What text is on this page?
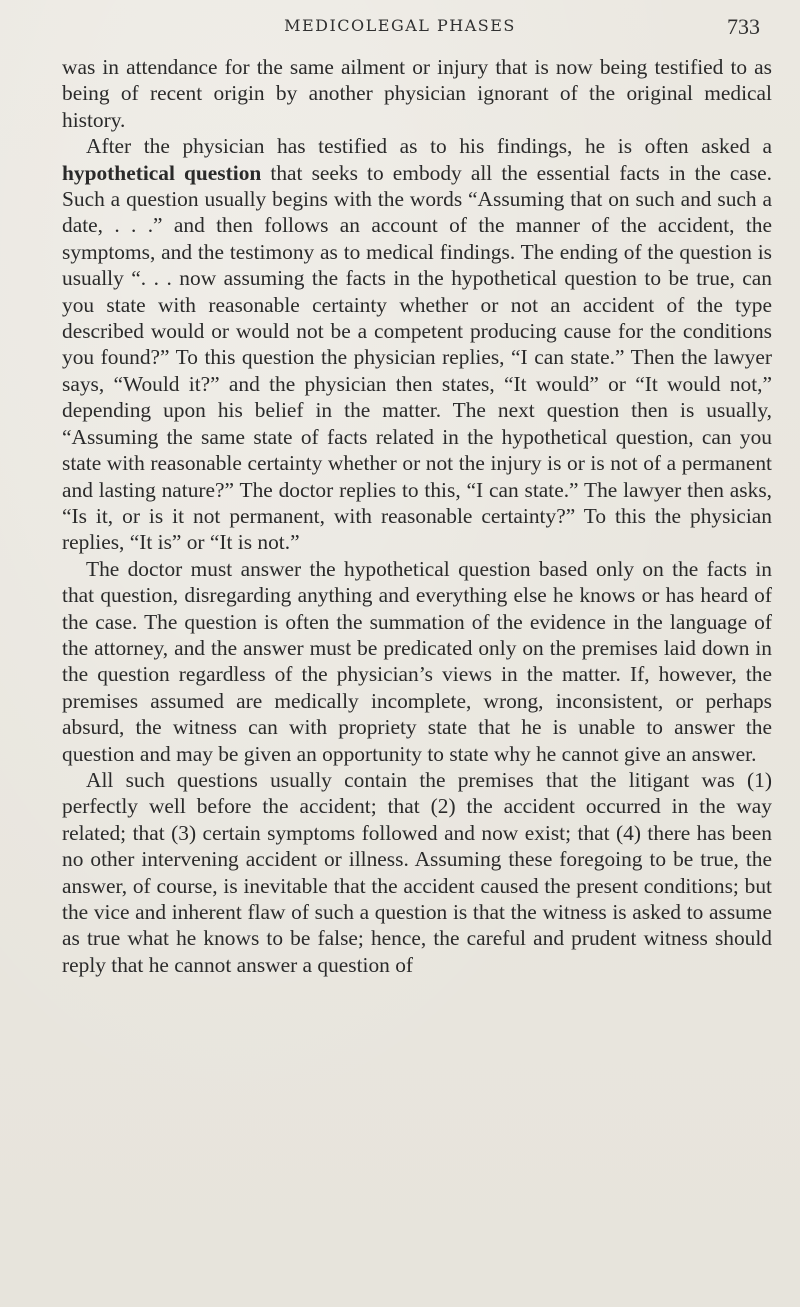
MEDICOLEGAL PHASES	733

was in attendance for the same ailment or injury that is now being testified to as being of recent origin by another physician ignorant of the original medical history.

After the physician has testified as to his findings, he is often asked a hypothetical question that seeks to embody all the essential facts in the case. Such a question usually begins with the words “Assuming that on such and such a date, . . .” and then follows an account of the manner of the accident, the symptoms, and the testimony as to medical findings. The ending of the question is usually “. . . now assuming the facts in the hypothetical question to be true, can you state with reasonable certainty whether or not an accident of the type described would or would not be a competent producing cause for the conditions you found?” To this question the physician replies, “I can state.” Then the lawyer says, “Would it?” and the physician then states, “It would” or “It would not,” depending upon his belief in the matter. The next question then is usually, “Assuming the same state of facts related in the hypothetical question, can you state with reasonable certainty whether or not the injury is or is not of a permanent and lasting nature?” The doctor replies to this, “I can state.” The lawyer then asks, “Is it, or is it not permanent, with reasonable certainty?” To this the physician replies, “It is” or “It is not.”

The doctor must answer the hypothetical question based only on the facts in that question, disregarding anything and everything else he knows or has heard of the case. The question is often the summation of the evidence in the language of the attorney, and the answer must be predicated only on the premises laid down in the question regardless of the physician’s views in the matter. If, however, the premises assumed are medically incomplete, wrong, inconsistent, or perhaps absurd, the witness can with propriety state that he is unable to answer the question and may be given an opportunity to state why he cannot give an answer.

All such questions usually contain the premises that the litigant was (1) perfectly well before the accident; that (2) the accident occurred in the way related; that (3) certain symptoms followed and now exist; that (4) there has been no other intervening accident or illness. Assuming these foregoing to be true, the answer, of course, is inevitable that the accident caused the present conditions; but the vice and inherent flaw of such a question is that the witness is asked to assume as true what he knows to be false; hence, the careful and prudent witness should reply that he cannot answer a question of
